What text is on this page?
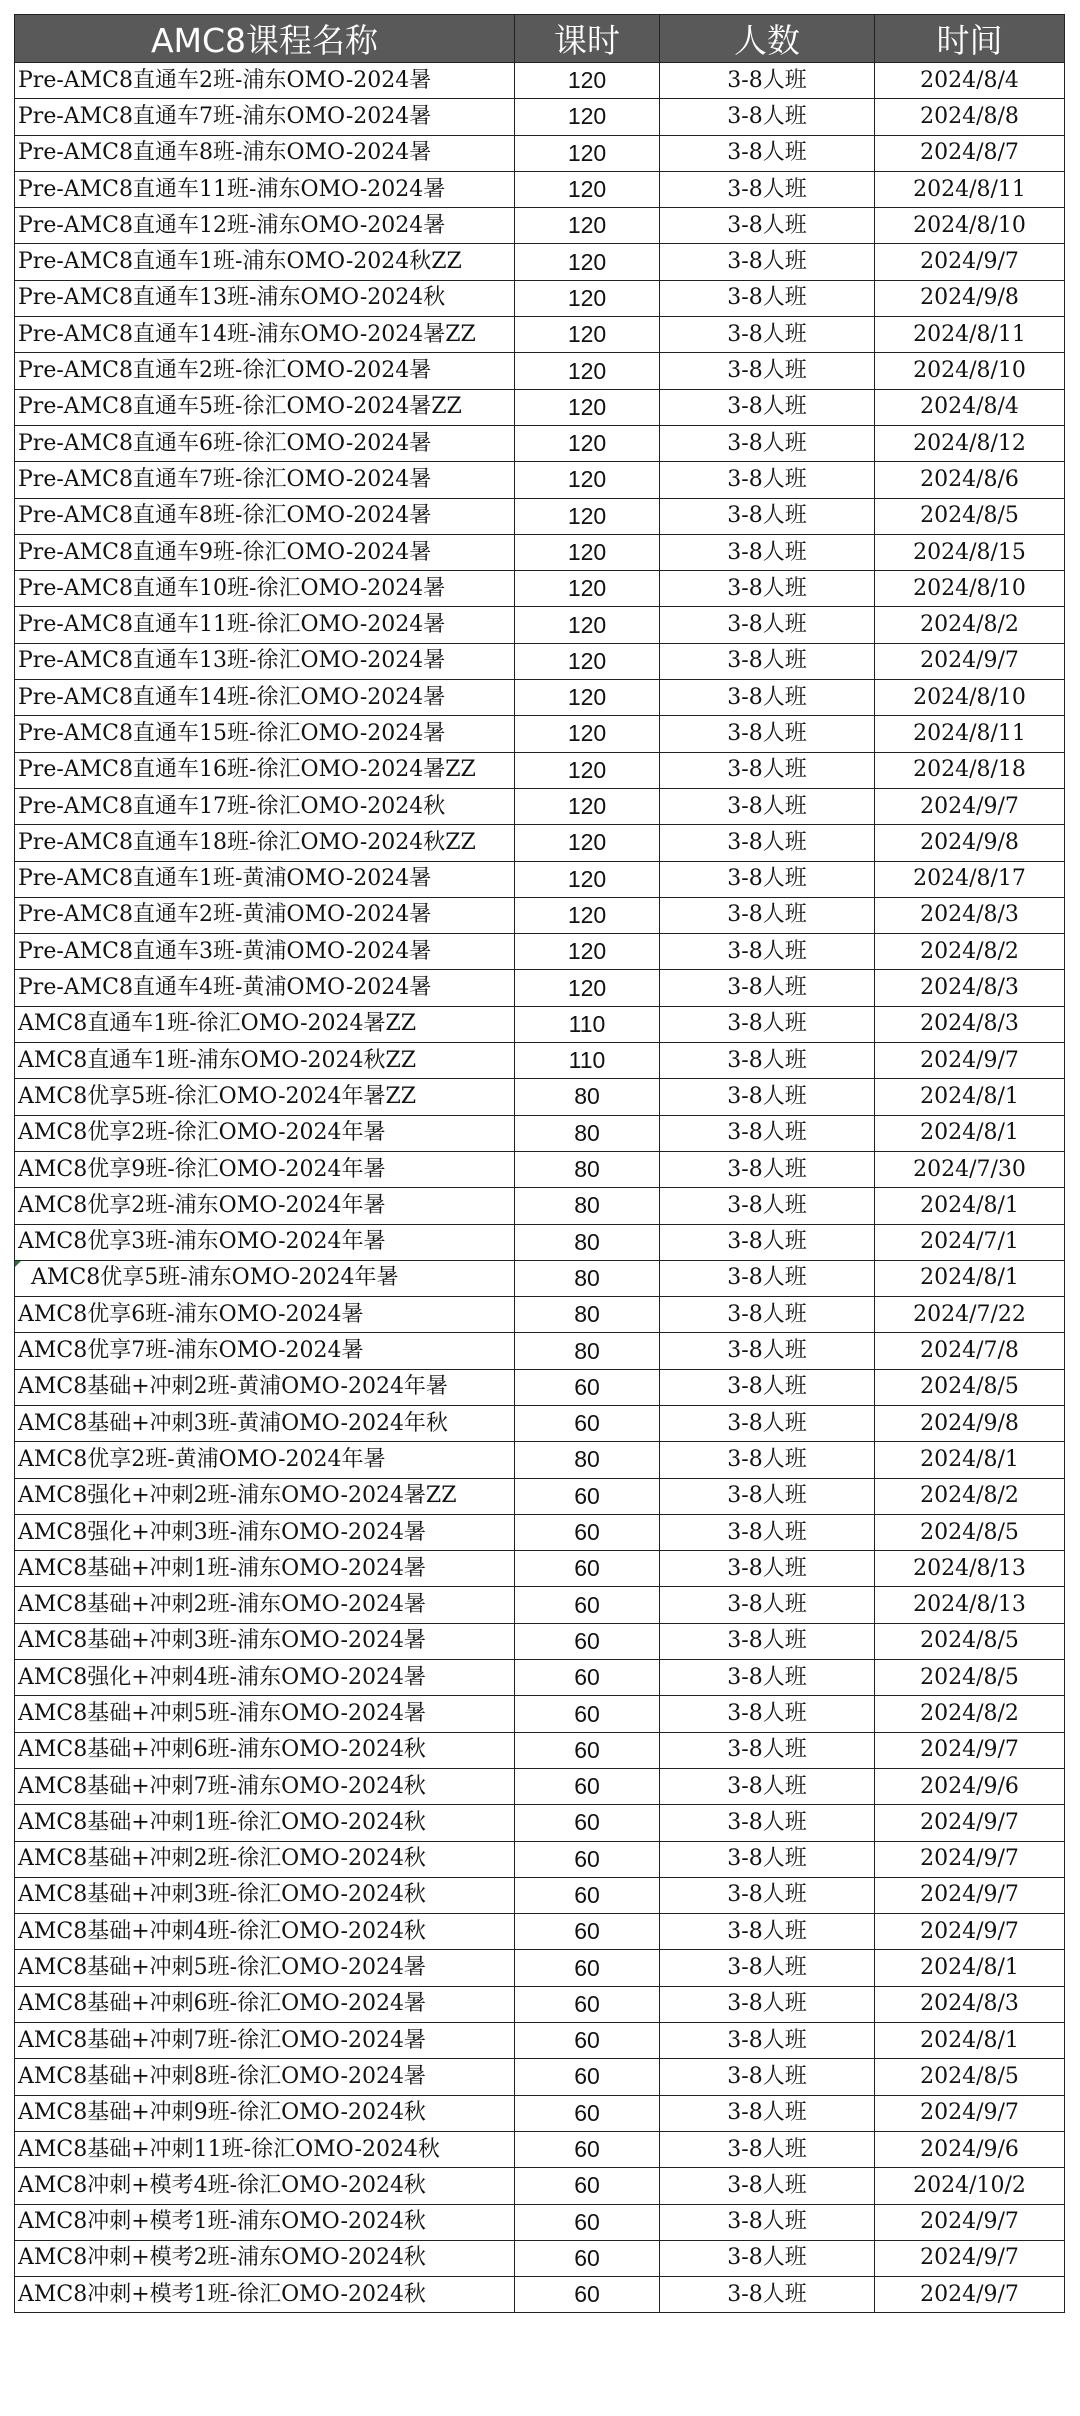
AMC8课程名称	课时	人数	时间
Pre-AMC8直通车2班-浦东OMO-2024暑	120	3-8人班	2024/8/4
Pre-AMC8直通车7班-浦东OMO-2024暑	120	3-8人班	2024/8/8
Pre-AMC8直通车8班-浦东OMO-2024暑	120	3-8人班	2024/8/7
Pre-AMC8直通车11班-浦东OMO-2024暑	120	3-8人班	2024/8/11
Pre-AMC8直通车12班-浦东OMO-2024暑	120	3-8人班	2024/8/10
Pre-AMC8直通车1班-浦东OMO-2024秋ZZ	120	3-8人班	2024/9/7
Pre-AMC8直通车13班-浦东OMO-2024秋	120	3-8人班	2024/9/8
Pre-AMC8直通车14班-浦东OMO-2024暑ZZ	120	3-8人班	2024/8/11
Pre-AMC8直通车2班-徐汇OMO-2024暑	120	3-8人班	2024/8/10
Pre-AMC8直通车5班-徐汇OMO-2024暑ZZ	120	3-8人班	2024/8/4
Pre-AMC8直通车6班-徐汇OMO-2024暑	120	3-8人班	2024/8/12
Pre-AMC8直通车7班-徐汇OMO-2024暑	120	3-8人班	2024/8/6
Pre-AMC8直通车8班-徐汇OMO-2024暑	120	3-8人班	2024/8/5
Pre-AMC8直通车9班-徐汇OMO-2024暑	120	3-8人班	2024/8/15
Pre-AMC8直通车10班-徐汇OMO-2024暑	120	3-8人班	2024/8/10
Pre-AMC8直通车11班-徐汇OMO-2024暑	120	3-8人班	2024/8/2
Pre-AMC8直通车13班-徐汇OMO-2024暑	120	3-8人班	2024/9/7
Pre-AMC8直通车14班-徐汇OMO-2024暑	120	3-8人班	2024/8/10
Pre-AMC8直通车15班-徐汇OMO-2024暑	120	3-8人班	2024/8/11
Pre-AMC8直通车16班-徐汇OMO-2024暑ZZ	120	3-8人班	2024/8/18
Pre-AMC8直通车17班-徐汇OMO-2024秋	120	3-8人班	2024/9/7
Pre-AMC8直通车18班-徐汇OMO-2024秋ZZ	120	3-8人班	2024/9/8
Pre-AMC8直通车1班-黄浦OMO-2024暑	120	3-8人班	2024/8/17
Pre-AMC8直通车2班-黄浦OMO-2024暑	120	3-8人班	2024/8/3
Pre-AMC8直通车3班-黄浦OMO-2024暑	120	3-8人班	2024/8/2
Pre-AMC8直通车4班-黄浦OMO-2024暑	120	3-8人班	2024/8/3
AMC8直通车1班-徐汇OMO-2024暑ZZ	110	3-8人班	2024/8/3
AMC8直通车1班-浦东OMO-2024秋ZZ	110	3-8人班	2024/9/7
AMC8优享5班-徐汇OMO-2024年暑ZZ	80	3-8人班	2024/8/1
AMC8优享2班-徐汇OMO-2024年暑	80	3-8人班	2024/8/1
AMC8优享9班-徐汇OMO-2024年暑	80	3-8人班	2024/7/30
AMC8优享2班-浦东OMO-2024年暑	80	3-8人班	2024/8/1
AMC8优享3班-浦东OMO-2024年暑	80	3-8人班	2024/7/1

AMC8优享5班-浦东OMO-2024年暑	80	3-8人班	2024/8/1
AMC8优享6班-浦东OMO-2024暑	80	3-8人班	2024/7/22
AMC8优享7班-浦东OMO-2024暑	80	3-8人班	2024/7/8
AMC8基础+冲刺2班-黄浦OMO-2024年暑	60	3-8人班	2024/8/5
AMC8基础+冲刺3班-黄浦OMO-2024年秋	60	3-8人班	2024/9/8
AMC8优享2班-黄浦OMO-2024年暑	80	3-8人班	2024/8/1
AMC8强化+冲刺2班-浦东OMO-2024暑ZZ	60	3-8人班	2024/8/2
AMC8强化+冲刺3班-浦东OMO-2024暑	60	3-8人班	2024/8/5
AMC8基础+冲刺1班-浦东OMO-2024暑	60	3-8人班	2024/8/13
AMC8基础+冲刺2班-浦东OMO-2024暑	60	3-8人班	2024/8/13
AMC8基础+冲刺3班-浦东OMO-2024暑	60	3-8人班	2024/8/5
AMC8强化+冲刺4班-浦东OMO-2024暑	60	3-8人班	2024/8/5
AMC8基础+冲刺5班-浦东OMO-2024暑	60	3-8人班	2024/8/2
AMC8基础+冲刺6班-浦东OMO-2024秋	60	3-8人班	2024/9/7
AMC8基础+冲刺7班-浦东OMO-2024秋	60	3-8人班	2024/9/6
AMC8基础+冲刺1班-徐汇OMO-2024秋	60	3-8人班	2024/9/7
AMC8基础+冲刺2班-徐汇OMO-2024秋	60	3-8人班	2024/9/7
AMC8基础+冲刺3班-徐汇OMO-2024秋	60	3-8人班	2024/9/7
AMC8基础+冲刺4班-徐汇OMO-2024秋	60	3-8人班	2024/9/7
AMC8基础+冲刺5班-徐汇OMO-2024暑	60	3-8人班	2024/8/1
AMC8基础+冲刺6班-徐汇OMO-2024暑	60	3-8人班	2024/8/3
AMC8基础+冲刺7班-徐汇OMO-2024暑	60	3-8人班	2024/8/1
AMC8基础+冲刺8班-徐汇OMO-2024暑	60	3-8人班	2024/8/5
AMC8基础+冲刺9班-徐汇OMO-2024秋	60	3-8人班	2024/9/7
AMC8基础+冲刺11班-徐汇OMO-2024秋	60	3-8人班	2024/9/6
AMC8冲刺+模考4班-徐汇OMO-2024秋	60	3-8人班	2024/10/2
AMC8冲刺+模考1班-浦东OMO-2024秋	60	3-8人班	2024/9/7
AMC8冲刺+模考2班-浦东OMO-2024秋	60	3-8人班	2024/9/7
AMC8冲刺+模考1班-徐汇OMO-2024秋	60	3-8人班	2024/9/7
